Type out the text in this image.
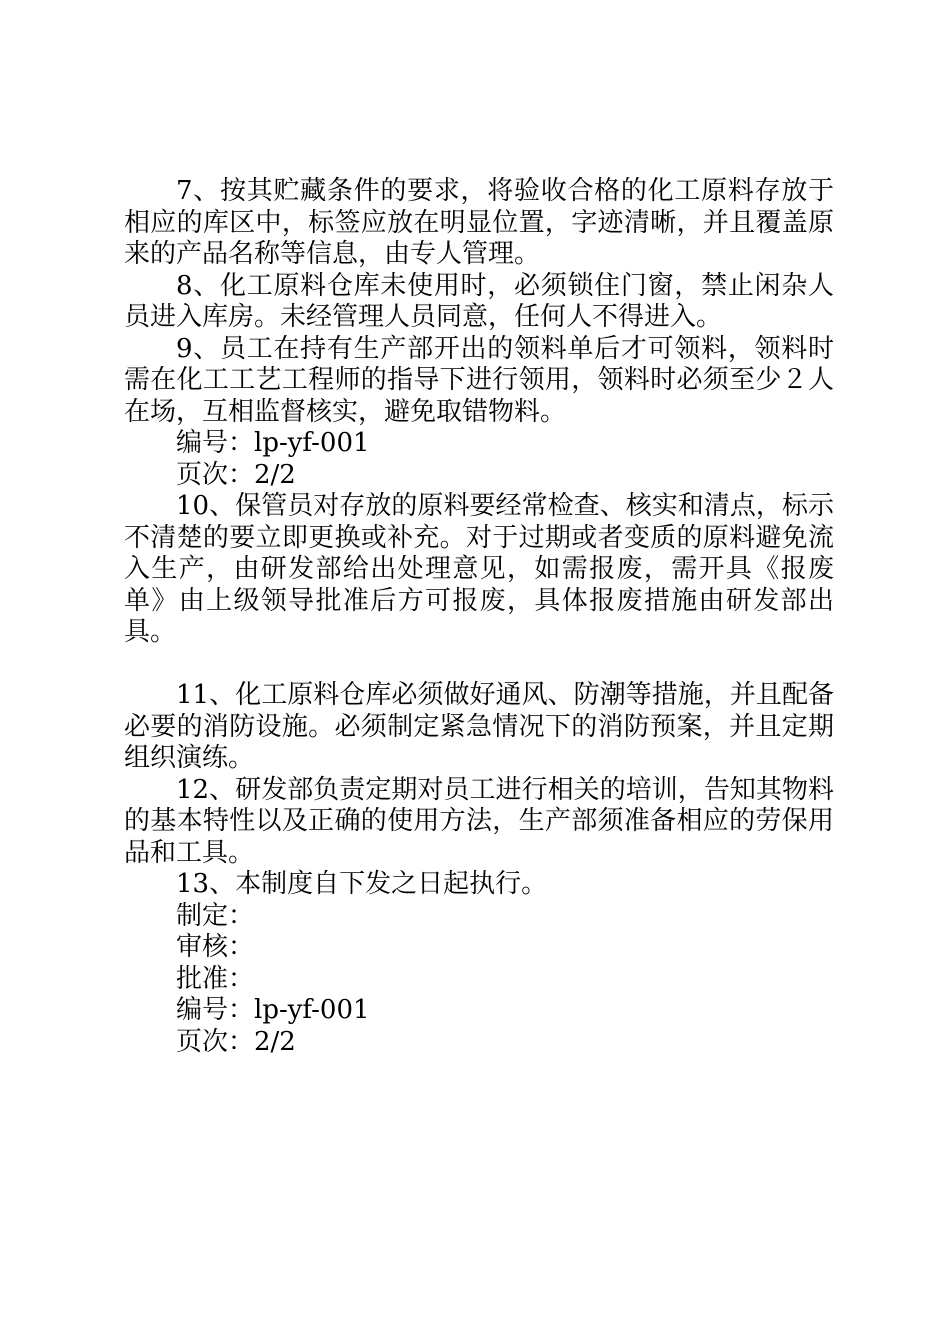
7、按其贮藏条件的要求，将验收合格的化工原料存放于相应的库区中，标签应放在明显位置，字迹清晰，并且覆盖原来的产品名称等信息，由专人管理。

8、化工原料仓库未使用时，必须锁住门窗，禁止闲杂人员进入库房。未经管理人员同意，任何人不得进入。

9、员工在持有生产部开出的领料单后才可领料，领料时需在化工工艺工程师的指导下进行领用，领料时必须至少２人在场，互相监督核实，避免取错物料。

编号：lp-yf-001

页次：2/2

10、保管员对存放的原料要经常检查、核实和清点，标示不清楚的要立即更换或补充。对于过期或者变质的原料避免流入生产，由研发部给出处理意见，如需报废，需开具《报废单》由上级领导批准后方可报废，具体报废措施由研发部出具。

11、化工原料仓库必须做好通风、防潮等措施，并且配备必要的消防设施。必须制定紧急情况下的消防预案，并且定期组织演练。

12、研发部负责定期对员工进行相关的培训，告知其物料的基本特性以及正确的使用方法，生产部须准备相应的劳保用品和工具。

13、本制度自下发之日起执行。

制定：

审核：

批准：

编号：lp-yf-001

页次：2/2
